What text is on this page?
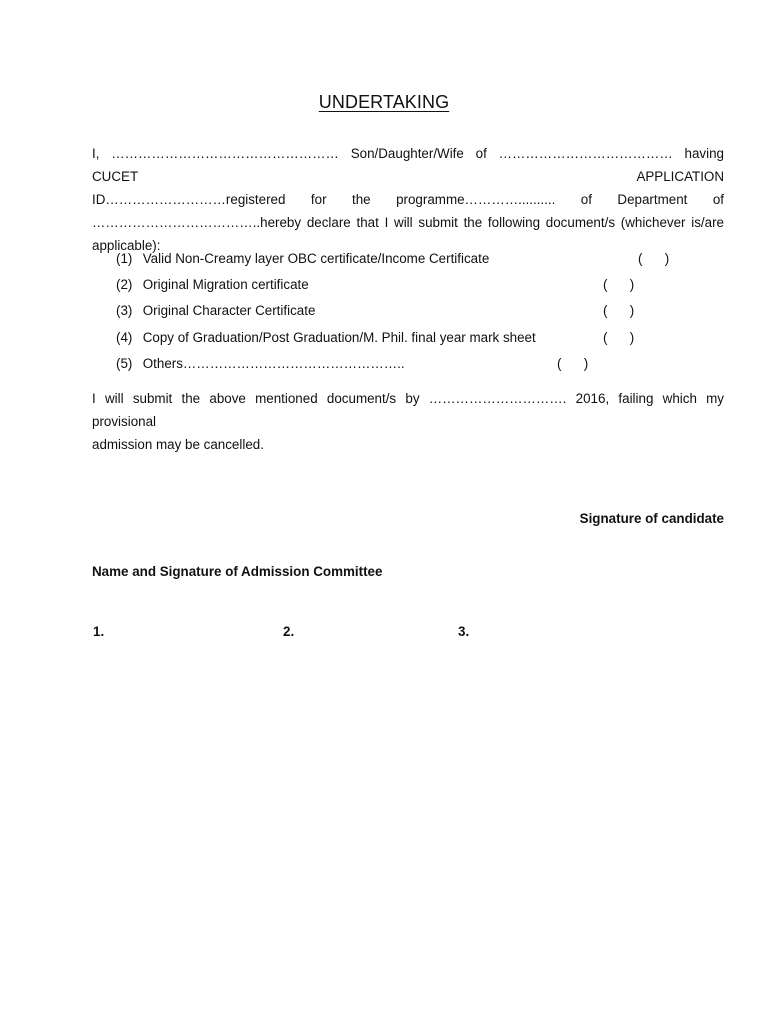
UNDERTAKING
I, …………………………………………… Son/Daughter/Wife of ………………………………… having CUCET APPLICATION
ID………………………registered for the programme………….......... of Department of
………………………………..hereby declare that I will submit the following document/s (whichever is/are
applicable):
(1) Valid Non-Creamy layer OBC certificate/Income Certificate	(      )
(2) Original Migration certificate	(      )
(3) Original Character Certificate	(      )
(4) Copy of Graduation/Post Graduation/M. Phil. final year mark sheet	(      )
(5) Others…………………………………………..	(      )
I will submit the above mentioned document/s by …………………………. 2016, failing which my provisional
admission may be cancelled.
Signature of candidate
Name and Signature of Admission Committee
1.	2.	3.
